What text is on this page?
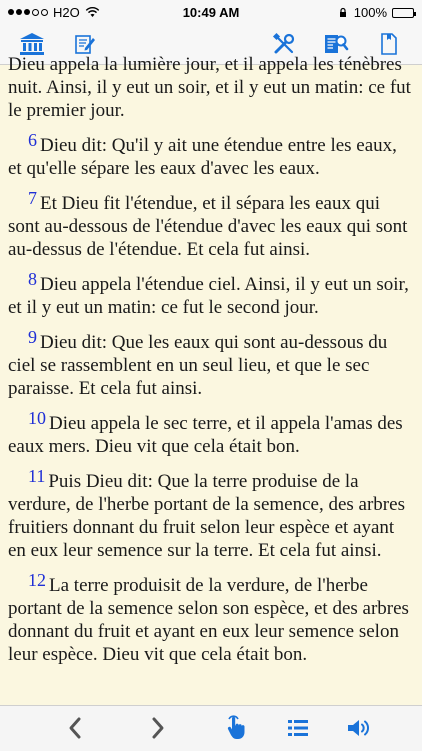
H2O	10:49 AM	100%

Dieu appela la lumière jour, et il appela les ténèbres nuit. Ainsi, il y eut un soir, et il y eut un matin: ce fut le premier jour.

6 Dieu dit: Qu'il y ait une étendue entre les eaux, et qu'elle sépare les eaux d'avec les eaux.

7 Et Dieu fit l'étendue, et il sépara les eaux qui sont au-dessous de l'étendue d'avec les eaux qui sont au-dessus de l'étendue. Et cela fut ainsi.

8 Dieu appela l'étendue ciel. Ainsi, il y eut un soir, et il y eut un matin: ce fut le second jour.

9 Dieu dit: Que les eaux qui sont au-dessous du ciel se rassemblent en un seul lieu, et que le sec paraisse. Et cela fut ainsi.

10 Dieu appela le sec terre, et il appela l'amas des eaux mers. Dieu vit que cela était bon.

11 Puis Dieu dit: Que la terre produise de la verdure, de l'herbe portant de la semence, des arbres fruitiers donnant du fruit selon leur espèce et ayant en eux leur semence sur la terre. Et cela fut ainsi.

12 La terre produisit de la verdure, de l'herbe portant de la semence selon son espèce, et des arbres donnant du fruit et ayant en eux leur semence selon leur espèce. Dieu vit que cela était bon.
